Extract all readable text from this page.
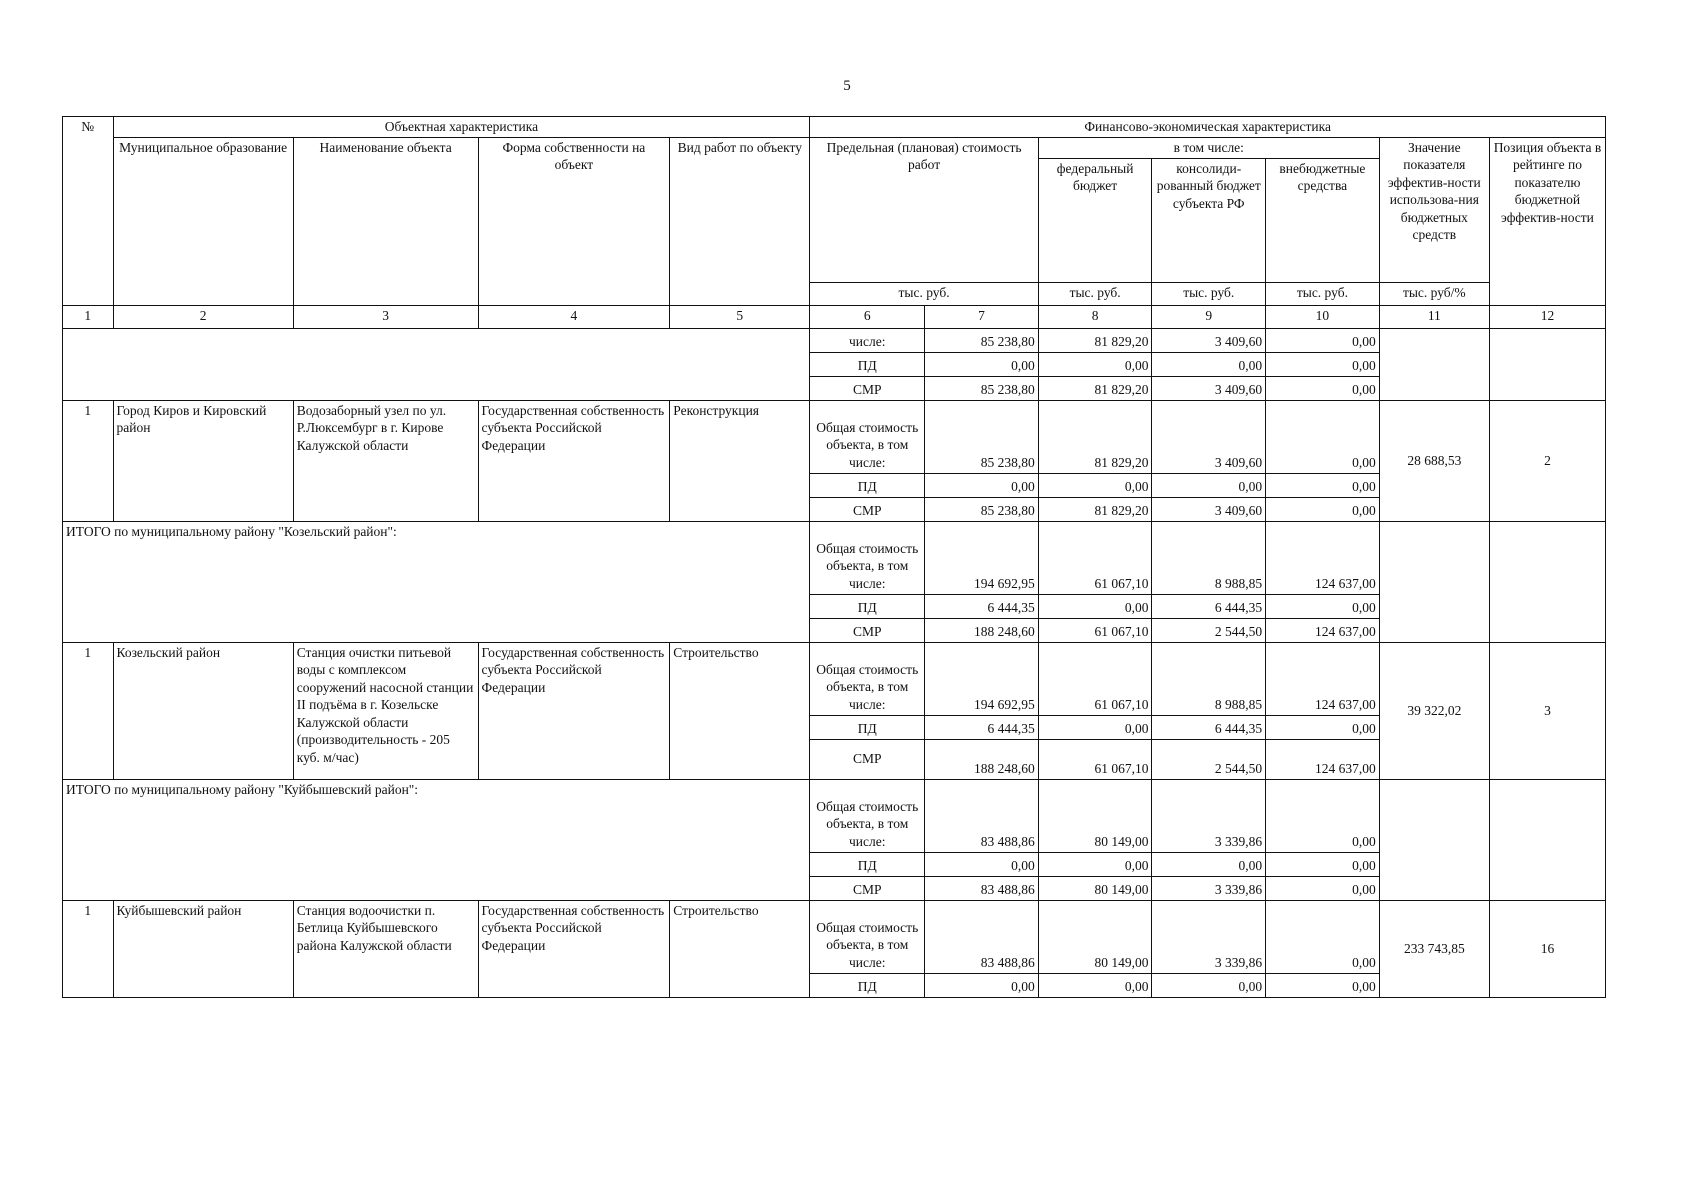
5
№	Объектная характеристика				Финансово-экономическая характеристика						
	Муниципальное образование	Наименование объекта	Форма собственности на объект	Вид работ по объекту	Предельная (плановая) стоимость работ		в том числе:			Значение показателя эффектив-ности использова-ния бюджетных средств	Позиция объекта в рейтинге по показателю бюджетной эффектив-ности
							федеральный бюджет	консолиди-рованный бюджет субъекта РФ	внебюджетные средства		
					тыс. руб.		тыс. руб.	тыс. руб.	тыс. руб.	тыс. руб/%	
1	2	3	4	5	6	7	8	9	10	11	12
					числе:	85 238,80	81 829,20	3 409,60	0,00		
					ПД	0,00	0,00	0,00	0,00		
					СМР	85 238,80	81 829,20	3 409,60	0,00		
1	Город Киров и Кировский район	Водозаборный узел по ул. Р.Люксембург в г. Кирове Калужской области	Государственная собственность субъекта Российской Федерации	Реконструкция	Общая стоимость объекта, в том числе:	85 238,80	81 829,20	3 409,60	0,00	28 688,53	2
					ПД	0,00	0,00	0,00	0,00		
					СМР	85 238,80	81 829,20	3 409,60	0,00		
ИТОГО по муниципальному району "Козельский район":					Общая стоимость объекта, в том числе:	194 692,95	61 067,10	8 988,85	124 637,00		
					ПД	6 444,35	0,00	6 444,35	0,00		
					СМР	188 248,60	61 067,10	2 544,50	124 637,00		
1	Козельский район	Станция очистки питьевой воды с комплексом сооружений насосной станции II подъёма в г. Козельске Калужской области (производительность - 205 куб. м/час)	Государственная собственность субъекта Российской Федерации	Строительство	Общая стоимость объекта, в том числе:	194 692,95	61 067,10	8 988,85	124 637,00	39 322,02	3
					ПД	6 444,35	0,00	6 444,35	0,00		
					СМР	188 248,60	61 067,10	2 544,50	124 637,00		
ИТОГО по муниципальному району "Куйбышевский район":					Общая стоимость объекта, в том числе:	83 488,86	80 149,00	3 339,86	0,00		
					ПД	0,00	0,00	0,00	0,00		
					СМР	83 488,86	80 149,00	3 339,86	0,00		
1	Куйбышевский район	Станция водоочистки п. Бетлица Куйбышевского района Калужской области	Государственная собственность субъекта Российской Федерации	Строительство	Общая стоимость объекта, в том числе:	83 488,86	80 149,00	3 339,86	0,00	233 743,85	16
					ПД	0,00	0,00	0,00	0,00		
